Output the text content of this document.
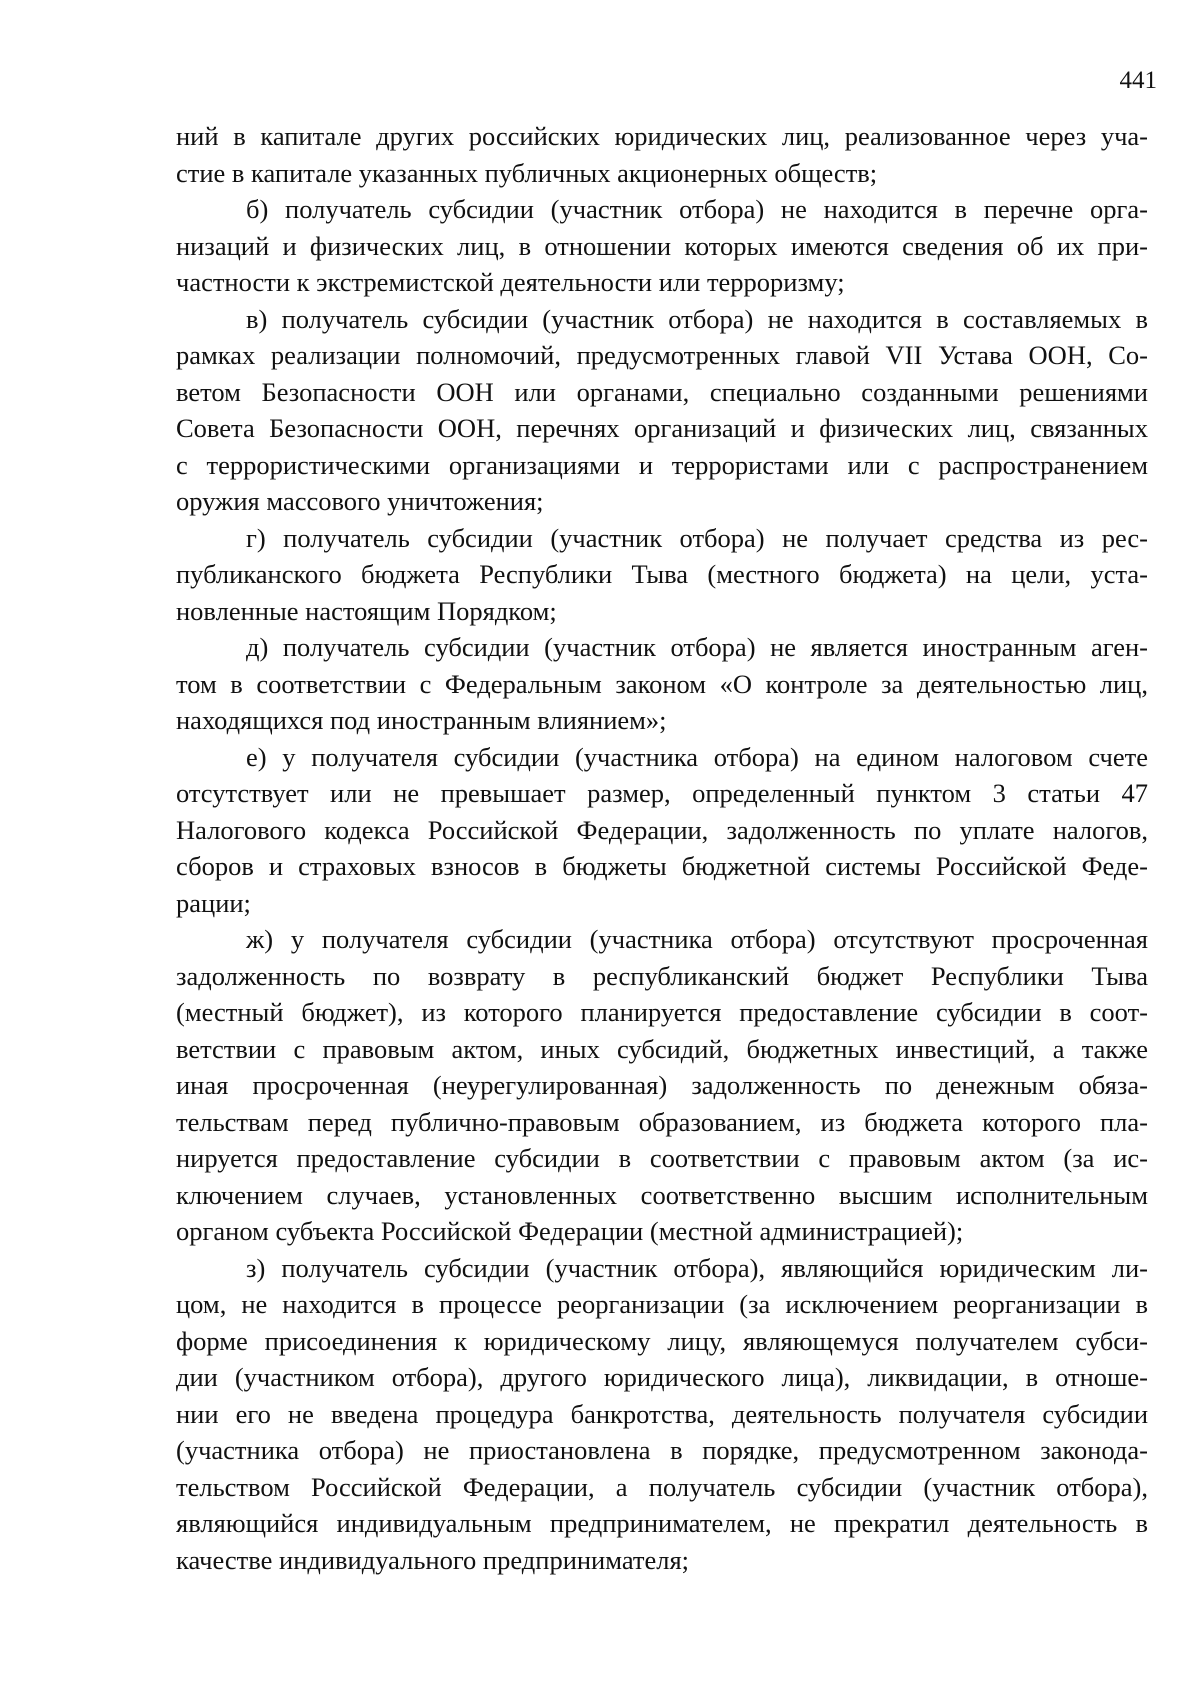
441
ний в капитале других российских юридических лиц, реализованное через уча-
стие в капитале указанных публичных акционерных обществ;
б) получатель субсидии (участник отбора) не находится в перечне орга-
низаций и физических лиц, в отношении которых имеются сведения об их при-
частности к экстремистской деятельности или терроризму;
в) получатель субсидии (участник отбора) не находится в составляемых в
рамках реализации полномочий, предусмотренных главой VII Устава ООН, Со-
ветом Безопасности ООН или органами, специально созданными решениями
Совета Безопасности ООН, перечнях организаций и физических лиц, связанных
с террористическими организациями и террористами или с распространением
оружия массового уничтожения;
г) получатель субсидии (участник отбора) не получает средства из рес-
публиканского бюджета Республики Тыва (местного бюджета) на цели, уста-
новленные настоящим Порядком;
д) получатель субсидии (участник отбора) не является иностранным аген-
том в соответствии с Федеральным законом «О контроле за деятельностью лиц,
находящихся под иностранным влиянием»;
е) у получателя субсидии (участника отбора) на едином налоговом счете
отсутствует или не превышает размер, определенный пунктом 3 статьи 47
Налогового кодекса Российской Федерации, задолженность по уплате налогов,
сборов и страховых взносов в бюджеты бюджетной системы Российской Феде-
рации;
ж) у получателя субсидии (участника отбора) отсутствуют просроченная
задолженность по возврату в республиканский бюджет Республики Тыва
(местный бюджет), из которого планируется предоставление субсидии в соот-
ветствии с правовым актом, иных субсидий, бюджетных инвестиций, а также
иная просроченная (неурегулированная) задолженность по денежным обяза-
тельствам перед публично-правовым образованием, из бюджета которого пла-
нируется предоставление субсидии в соответствии с правовым актом (за ис-
ключением случаев, установленных соответственно высшим исполнительным
органом субъекта Российской Федерации (местной администрацией);
з) получатель субсидии (участник отбора), являющийся юридическим ли-
цом, не находится в процессе реорганизации (за исключением реорганизации в
форме присоединения к юридическому лицу, являющемуся получателем субси-
дии (участником отбора), другого юридического лица), ликвидации, в отноше-
нии его не введена процедура банкротства, деятельность получателя субсидии
(участника отбора) не приостановлена в порядке, предусмотренном законода-
тельством Российской Федерации, а получатель субсидии (участник отбора),
являющийся индивидуальным предпринимателем, не прекратил деятельность в
качестве индивидуального предпринимателя;
